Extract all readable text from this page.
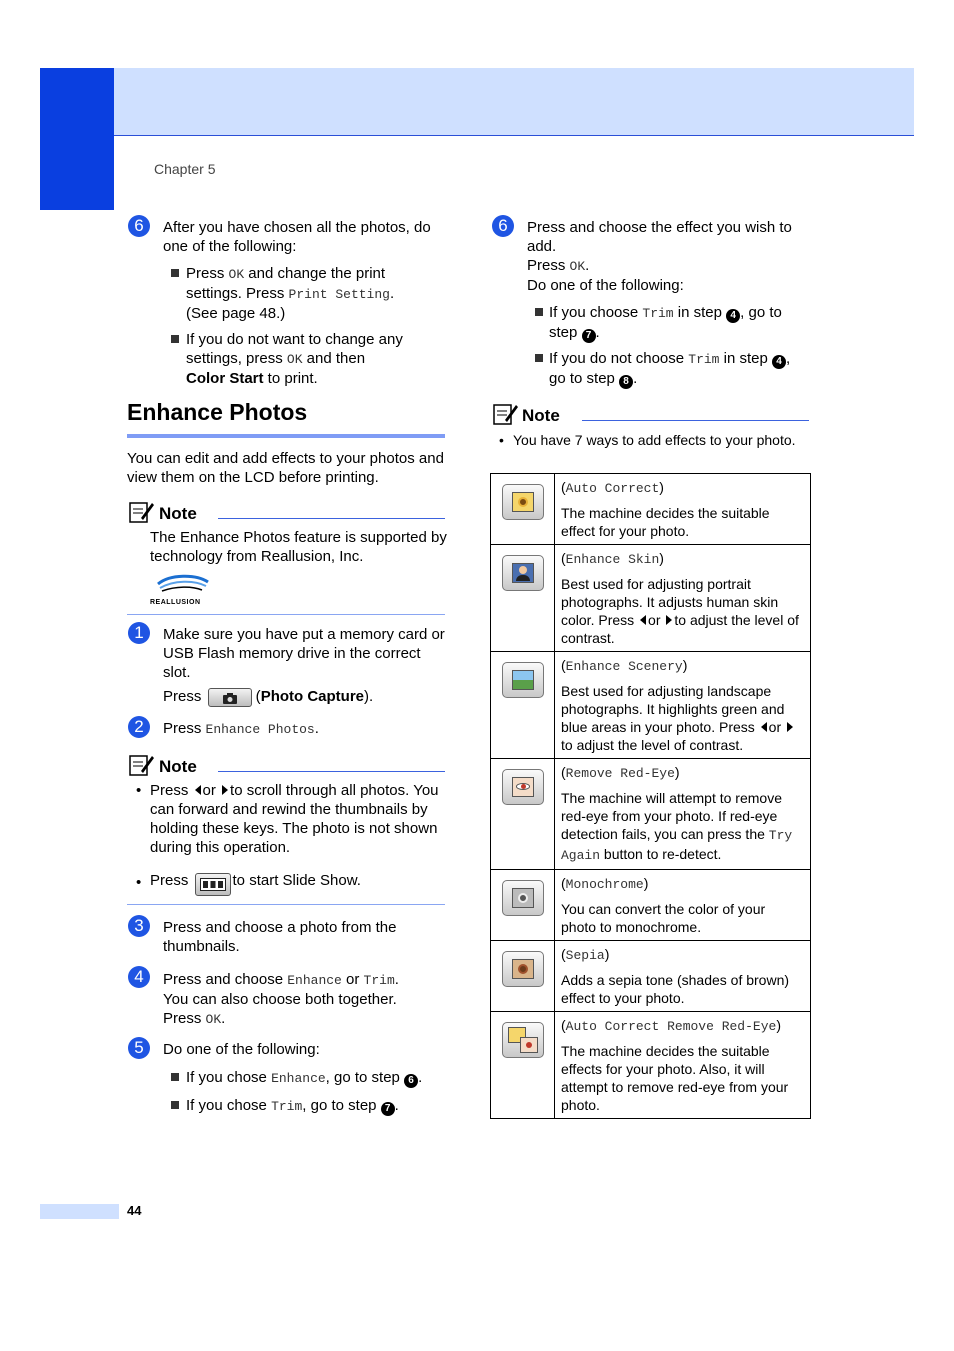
Chapter 5
6	After you have chosen all the photos, do one of the following:
Press OK and change the print settings. Press Print Setting.
(See page 48.)
If you do not want to change any settings, press OK and then
Color Start to print.
Enhance Photos
You can edit and add effects to your photos and view them on the LCD before printing.
Note
The Enhance Photos feature is supported by technology from Reallusion, Inc.
REALLUSION
1	Make sure you have put a memory card or USB Flash memory drive in the correct slot.
Press	(Photo Capture).
2	Press Enhance Photos.
Note
• Press or to scroll through all photos. You can forward and rewind the thumbnails by holding these keys. The photo is not shown during this operation.
• Press	to start Slide Show.
3	Press and choose a photo from the thumbnails.
4	Press and choose Enhance or Trim.
You can also choose both together.
Press OK.
5	Do one of the following:
If you chose Enhance, go to step 6 .
If you chose Trim, go to step 7 .
6	Press and choose the effect you wish to add.
Press OK.
Do one of the following:
If you choose Trim in step 4 , go to step 7 .
If you do not choose Trim in step 4 , go to step 8 .
Note
• You have 7 ways to add effects to your photo.

	(Auto Correct)
The machine decides the suitable effect for your photo.

	(Enhance Skin)
Best used for adjusting portrait photographs. It adjusts human skin color. Press or to adjust the level of contrast.

	(Enhance Scenery)
Best used for adjusting landscape photographs. It highlights green and blue areas in your photo. Press or to adjust the level of contrast.

	(Remove Red-Eye)
The machine will attempt to remove red-eye from your photo. If red-eye detection fails, you can press the Try Again button to re-detect.

	(Monochrome)
You can convert the color of your photo to monochrome.

	(Sepia)
Adds a sepia tone (shades of brown) effect to your photo.

	(Auto Correct Remove Red-Eye)
The machine decides the suitable effects for your photo. Also, it will attempt to remove red-eye from your photo.
44
